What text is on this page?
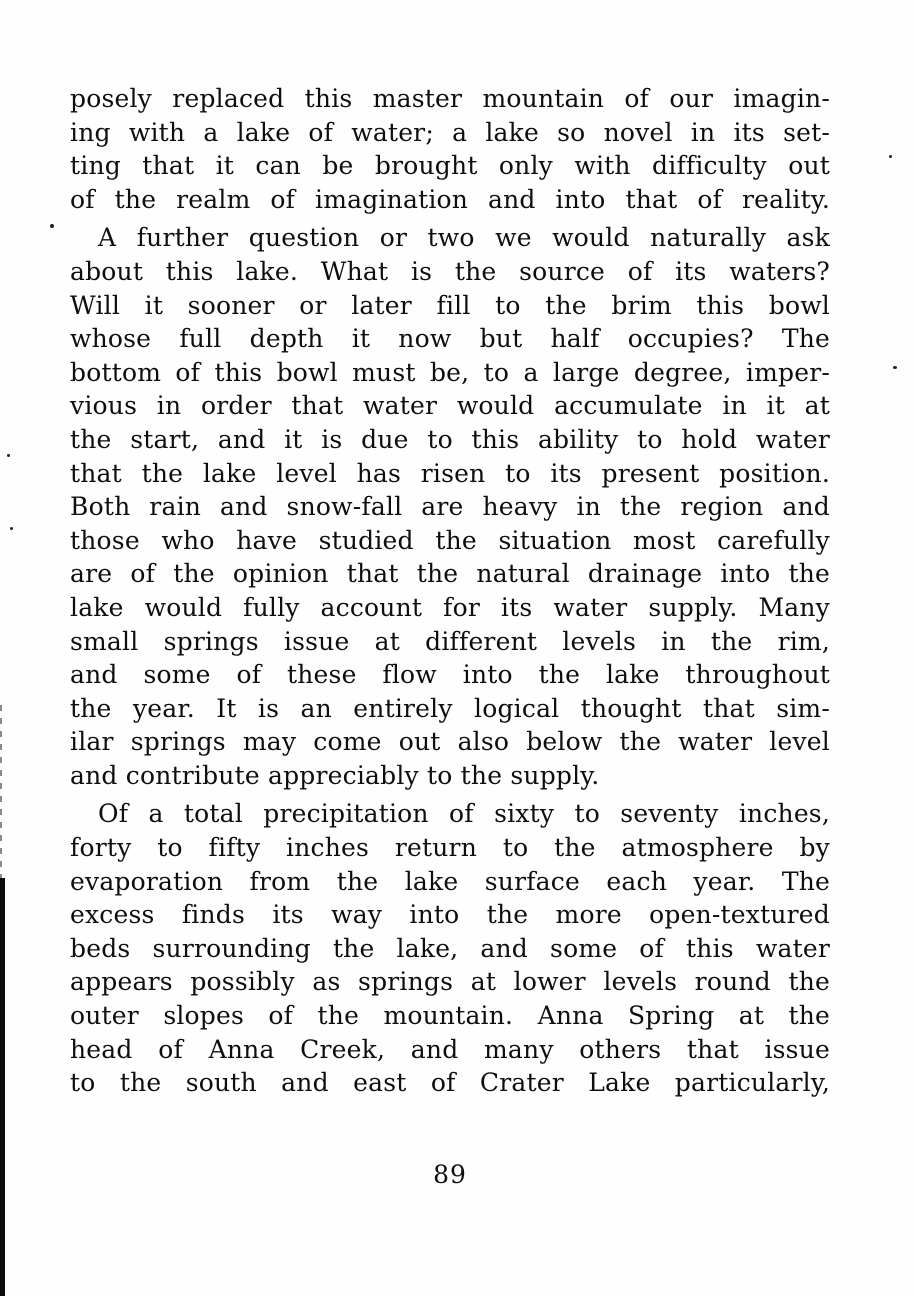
posely replaced this master mountain of our imagin-
ing with a lake of water; a lake so novel in its set-
ting that it can be brought only with difficulty out
of the realm of imagination and into that of reality.
A further question or two we would naturally ask
about this lake. What is the source of its waters?
Will it sooner or later fill to the brim this bowl
whose full depth it now but half occupies? The
bottom of this bowl must be, to a large degree, imper-
vious in order that water would accumulate in it at
the start, and it is due to this ability to hold water
that the lake level has risen to its present position.
Both rain and snow-fall are heavy in the region and
those who have studied the situation most carefully
are of the opinion that the natural drainage into the
lake would fully account for its water supply. Many
small springs issue at different levels in the rim,
and some of these flow into the lake throughout
the year. It is an entirely logical thought that sim-
ilar springs may come out also below the water level
and contribute appreciably to the supply.
Of a total precipitation of sixty to seventy inches,
forty to fifty inches return to the atmosphere by
evaporation from the lake surface each year. The
excess finds its way into the more open-textured
beds surrounding the lake, and some of this water
appears possibly as springs at lower levels round the
outer slopes of the mountain. Anna Spring at the
head of Anna Creek, and many others that issue
to the south and east of Crater Lake particularly,
89
